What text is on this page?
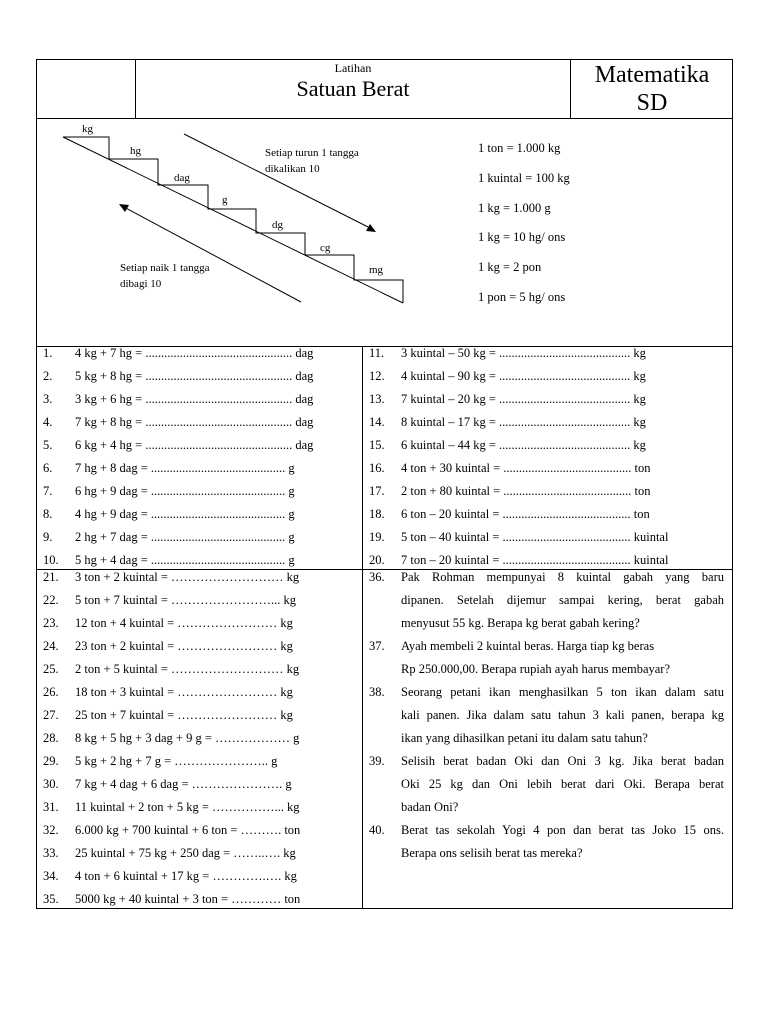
Latihan
Satuan Berat
Matematika
SD
kg
hg
dag
g
dg
cg
mg
Setiap turun 1 tangga
dikalikan 10
Setiap naik 1 tangga
dibagi 10
1 ton = 1.000 kg
1 kuintal = 100 kg
1 kg = 1.000 g
1 kg = 10 hg/ ons
1 kg = 2 pon
1 pon = 5 hg/ ons
1. 4 kg + 7 hg = ............................................... dag
2. 5 kg + 8 hg = ............................................... dag
3. 3 kg + 6 hg = ............................................... dag
4. 7 kg + 8 hg = ............................................... dag
5. 6 kg + 4 hg = ............................................... dag
6. 7 hg + 8 dag = ........................................... g
7. 6 hg + 9 dag = ........................................... g
8. 4 hg + 9 dag = ........................................... g
9. 2 hg + 7 dag = ........................................... g
10. 5 hg + 4 dag = ........................................... g
11. 3 kuintal – 50 kg = .......................................... kg
12. 4 kuintal – 90 kg = .......................................... kg
13. 7 kuintal – 20 kg = .......................................... kg
14. 8 kuintal – 17 kg = .......................................... kg
15. 6 kuintal – 44 kg = .......................................... kg
16. 4 ton + 30 kuintal = ......................................... ton
17. 2 ton + 80 kuintal = ......................................... ton
18. 6 ton – 20 kuintal = ......................................... ton
19. 5 ton – 40 kuintal = ......................................... kuintal
20. 7 ton – 20 kuintal = ......................................... kuintal
21. 3 ton + 2 kuintal = ……………………… kg
22. 5 ton + 7 kuintal = ……………………... kg
23. 12 ton + 4 kuintal = …………………… kg
24. 23 ton + 2 kuintal = …………………… kg
25. 2 ton + 5 kuintal = ……………………… kg
26. 18 ton + 3 kuintal = …………………… kg
27. 25 ton + 7 kuintal = …………………… kg
28. 8 kg + 5 hg + 3 dag + 9 g = ……………… g
29. 5 kg + 2 hg + 7 g = ………………….. g
30. 7 kg + 4 dag + 6 dag = …………………. g
31. 11 kuintal + 2 ton + 5 kg = ……………... kg
32. 6.000 kg + 700 kuintal + 6 ton = ………. ton
33. 25 kuintal + 75 kg + 250 dag = ……..…. kg
34. 4 ton + 6 kuintal + 17 kg = ………….…. kg
35. 5000 kg + 40 kuintal + 3 ton = ………… ton
36. Pak Rohman mempunyai 8 kuintal gabah yang baru
dipanen. Setelah dijemur sampai kering, berat gabah
menyusut 55 kg. Berapa kg berat gabah kering?
37. Ayah membeli 2 kuintal beras. Harga tiap kg beras
Rp 250.000,00. Berapa rupiah ayah harus membayar?
38. Seorang petani ikan menghasilkan 5 ton ikan dalam satu
kali panen. Jika dalam satu tahun 3 kali panen, berapa kg
ikan yang dihasilkan petani itu dalam satu tahun?
39. Selisih berat badan Oki dan Oni 3 kg. Jika berat badan
Oki 25 kg dan Oni lebih berat dari Oki. Berapa berat
badan Oni?
40. Berat tas sekolah Yogi 4 pon dan berat tas Joko 15 ons.
Berapa ons selisih berat tas mereka?
